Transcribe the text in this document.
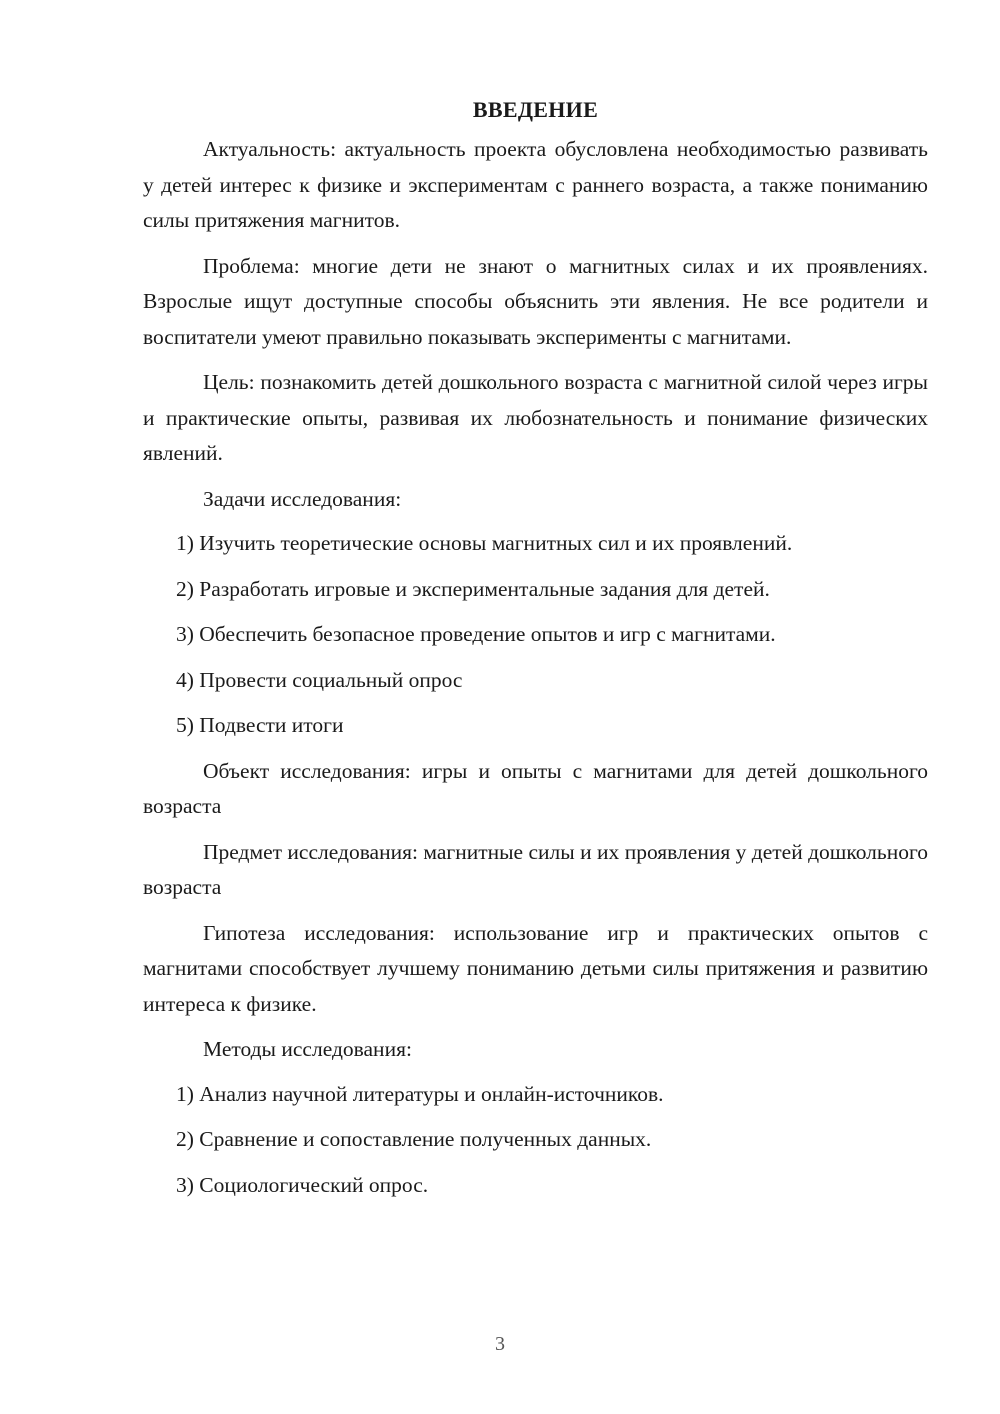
ВВЕДЕНИЕ

Актуальность: актуальность проекта обусловлена необходимостью развивать у детей интерес к физике и экспериментам с раннего возраста, а также пониманию силы притяжения магнитов.

Проблема: многие дети не знают о магнитных силах и их проявлениях. Взрослые ищут доступные способы объяснить эти явления. Не все родители и воспитатели умеют правильно показывать эксперименты с магнитами.

Цель: познакомить детей дошкольного возраста с магнитной силой через игры и практические опыты, развивая их любознательность и понимание физических явлений.

Задачи исследования:

1) Изучить теоретические основы магнитных сил и их проявлений.
2) Разработать игровые и экспериментальные задания для детей.
3) Обеспечить безопасное проведение опытов и игр с магнитами.
4) Провести социальный опрос
5) Подвести итоги

Объект исследования: игры и опыты с магнитами для детей дошкольного возраста

Предмет исследования: магнитные силы и их проявления у детей дошкольного возраста

Гипотеза исследования: использование игр и практических опытов с магнитами способствует лучшему пониманию детьми силы притяжения и развитию интереса к физике.

Методы исследования:

1) Анализ научной литературы и онлайн-источников.
2) Сравнение и сопоставление полученных данных.
3) Социологический опрос.
3
